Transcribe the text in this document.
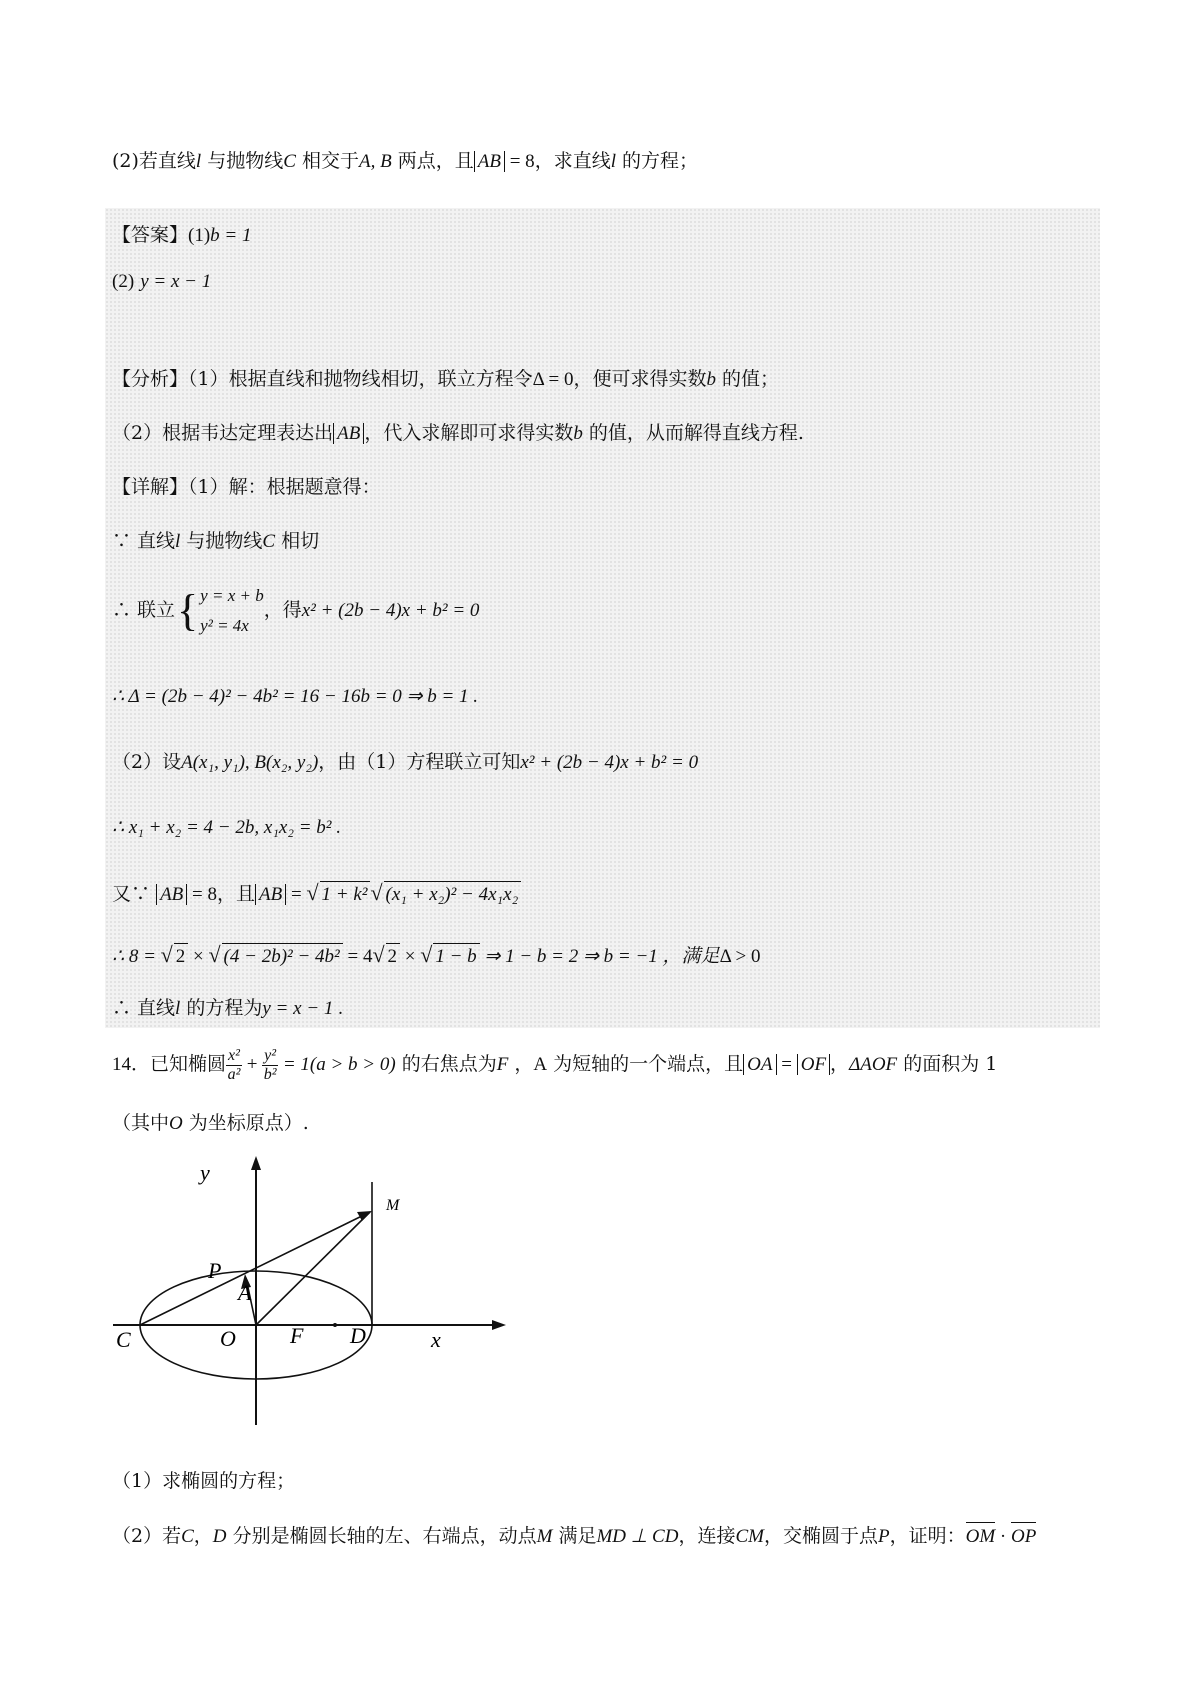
(2)若直线l 与抛物线C 相交于A, B 两点，且 AB = 8，求直线l 的方程；
【答案】(1)b = 1
(2) y = x − 1
【分析】（1）根据直线和抛物线相切，联立方程令Δ = 0，便可求得实数b 的值；
（2）根据韦达定理表达出 AB ，代入求解即可求得实数b 的值，从而解得直线方程.
【详解】（1）解：根据题意得：
∵ 直线l 与抛物线C 相切
∴ 联立{ y = x + b
y² = 4x
，得x² + (2b − 4)x + b² = 0
∴ Δ = (2b − 4)² − 4b² = 16 − 16b = 0 ⇒ b = 1 .
（2）设A(x₁, y₁), B(x₂, y₂)，由（1）方程联立可知x² + (2b − 4)x + b² = 0
∴ x₁ + x₂ = 4 − 2b, x₁x₂ = b² .
又∵ AB = 8，且 AB = √ 1 + k² √ (x₁ + x₂)² − 4x₁x₂
∴ 8 = √ 2 × √ (4 − 2b)² − 4b² = 4√ 2 × √ 1 − b ⇒ 1 − b = 2 ⇒ b = −1 ，满足Δ > 0
∴ 直线l 的方程为y = x − 1 .
14．已知椭圆 $\frac{\text{x²}}{\text{a²}} + \frac{\text{y²}}{\text{b²}} = 1(a > b > 0)$ 的右焦点为F ，A 为短轴的一个端点，且 OA = OF ，ΔAOF 的面积为 1
（其中O 为坐标原点）.
y
x
M
P
A
C	O F D
（1）求椭圆的方程；
（2）若C，D 分别是椭圆长轴的左、右端点，动点M 满足MD ⊥ CD，连接CM，交椭圆于点P，证明：OM · OP
